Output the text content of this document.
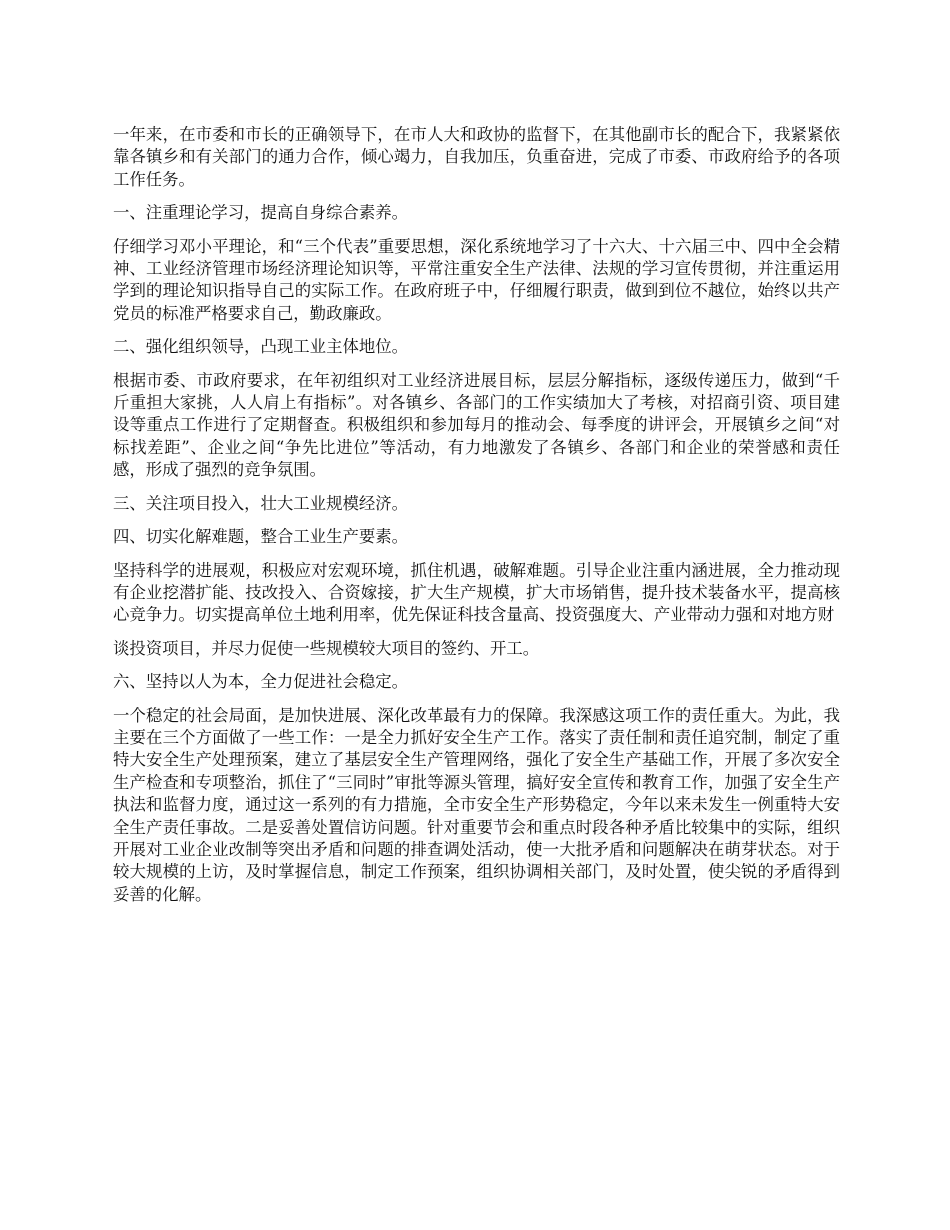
一年来，在市委和市长的正确领导下，在市人大和政协的监督下，在其他副市长的配合下，我紧紧依靠各镇乡和有关部门的通力合作，倾心竭力，自我加压，负重奋进，完成了市委、市政府给予的各项工作任务。

一、注重理论学习，提高自身综合素养。

仔细学习邓小平理论，和“三个代表”重要思想，深化系统地学习了十六大、十六届三中、四中全会精神、工业经济管理市场经济理论知识等，平常注重安全生产法律、法规的学习宣传贯彻，并注重运用学到的理论知识指导自己的实际工作。在政府班子中，仔细履行职责，做到到位不越位，始终以共产党员的标准严格要求自己，勤政廉政。

二、强化组织领导，凸现工业主体地位。

根据市委、市政府要求，在年初组织对工业经济进展目标，层层分解指标，逐级传递压力，做到“千斤重担大家挑，人人肩上有指标”。对各镇乡、各部门的工作实绩加大了考核，对招商引资、项目建设等重点工作进行了定期督查。积极组织和参加每月的推动会、每季度的讲评会，开展镇乡之间“对标找差距”、企业之间“争先比进位”等活动，有力地激发了各镇乡、各部门和企业的荣誉感和责任感，形成了强烈的竞争氛围。

三、关注项目投入，壮大工业规模经济。

四、切实化解难题，整合工业生产要素。

坚持科学的进展观，积极应对宏观环境，抓住机遇，破解难题。引导企业注重内涵进展，全力推动现有企业挖潜扩能、技改投入、合资嫁接，扩大生产规模，扩大市场销售，提升技术装备水平，提高核心竞争力。切实提高单位土地利用率，优先保证科技含量高、投资强度大、产业带动力强和对地方财

谈投资项目，并尽力促使一些规模较大项目的签约、开工。

六、坚持以人为本，全力促进社会稳定。

一个稳定的社会局面，是加快进展、深化改革最有力的保障。我深感这项工作的责任重大。为此，我主要在三个方面做了一些工作：一是全力抓好安全生产工作。落实了责任制和责任追究制，制定了重特大安全生产处理预案，建立了基层安全生产管理网络，强化了安全生产基础工作，开展了多次安全生产检查和专项整治，抓住了“三同时”审批等源头管理，搞好安全宣传和教育工作，加强了安全生产执法和监督力度，通过这一系列的有力措施，全市安全生产形势稳定，今年以来未发生一例重特大安全生产责任事故。二是妥善处置信访问题。针对重要节会和重点时段各种矛盾比较集中的实际，组织开展对工业企业改制等突出矛盾和问题的排查调处活动，使一大批矛盾和问题解决在萌芽状态。对于较大规模的上访，及时掌握信息，制定工作预案，组织协调相关部门，及时处置，使尖锐的矛盾得到妥善的化解。
